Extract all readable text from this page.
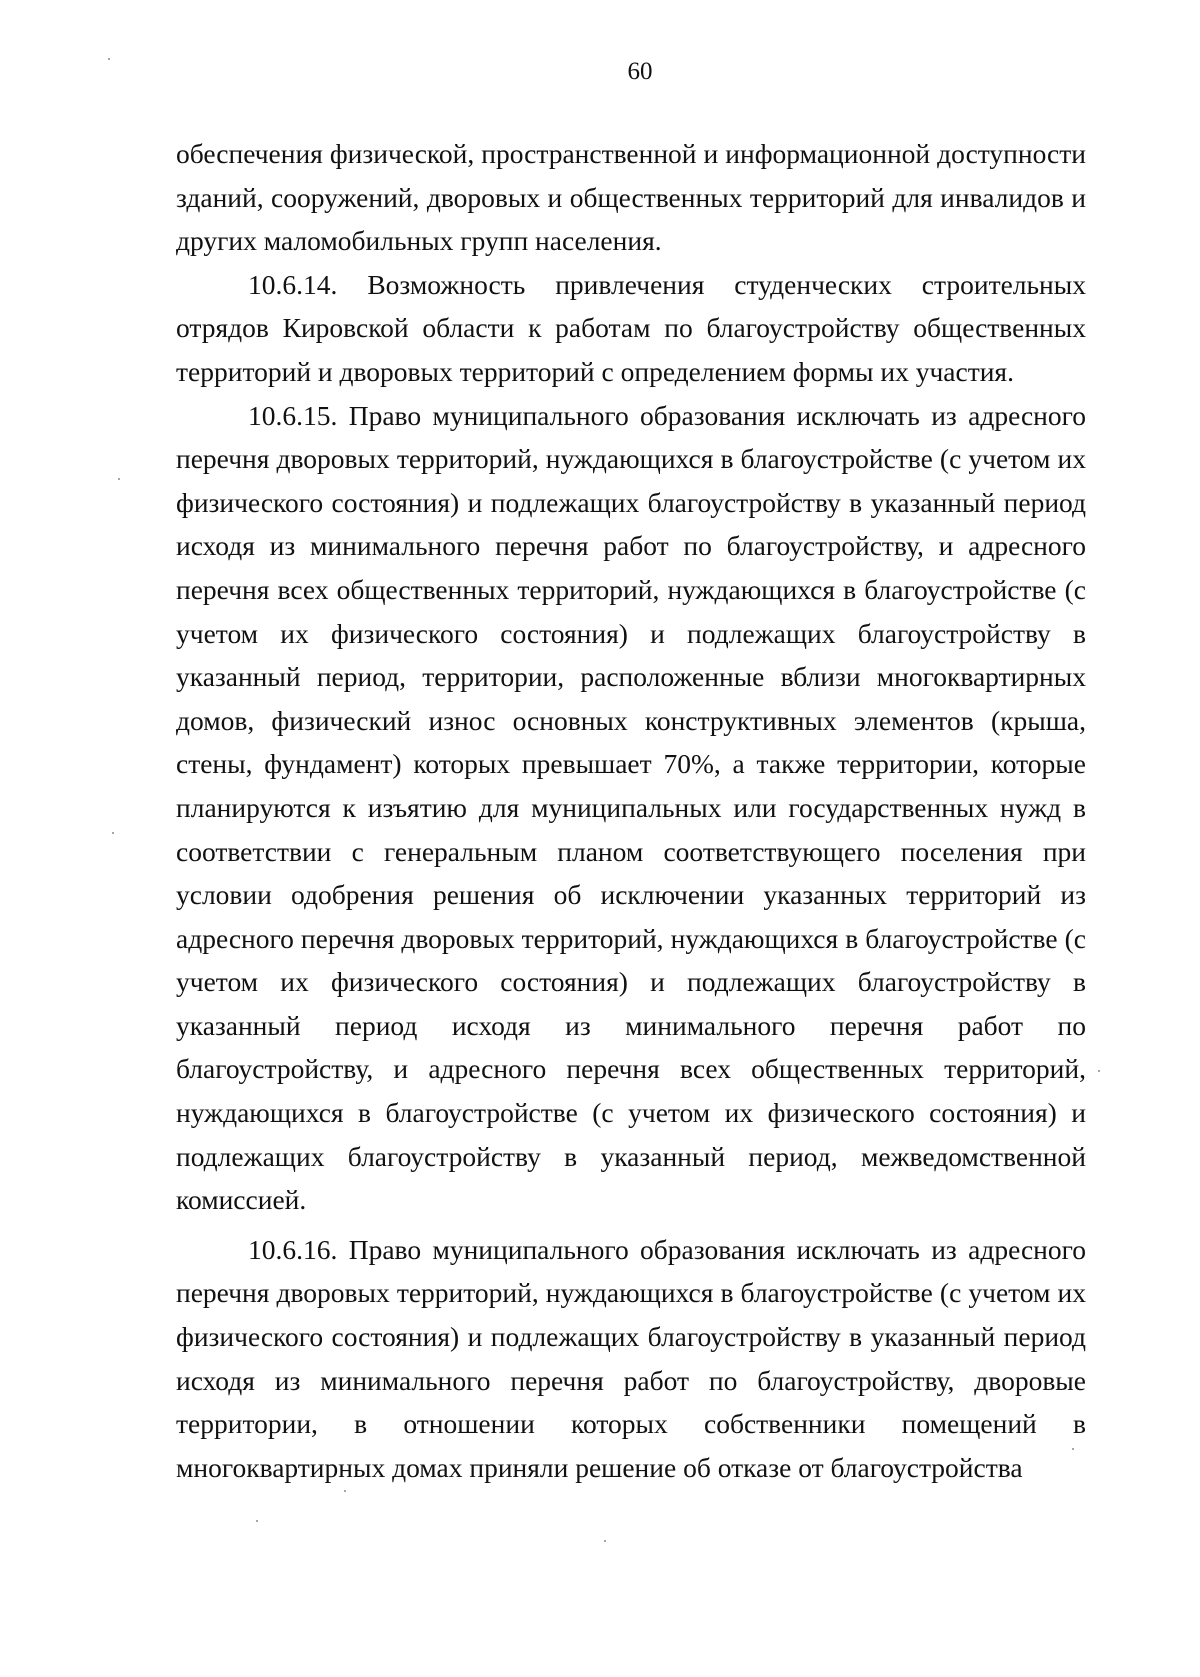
60

обеспечения физической, пространственной и информационной доступности зданий, сооружений, дворовых и общественных территорий для инвалидов и других маломобильных групп населения.

10.6.14. Возможность привлечения студенческих строительных отрядов Кировской области к работам по благоустройству общественных территорий и дворовых территорий с определением формы их участия.

10.6.15. Право муниципального образования исключать из адресного перечня дворовых территорий, нуждающихся в благоустройстве (с учетом их физического состояния) и подлежащих благоустройству в указанный период исходя из минимального перечня работ по благоустройству, и адресного перечня всех общественных территорий, нуждающихся в благоустройстве (с учетом их физического состояния) и подлежащих благоустройству в указанный период, территории, расположенные вблизи многоквартирных домов, физический износ основных конструктивных элементов (крыша, стены, фундамент) которых превышает 70%, а также территории, которые планируются к изъятию для муниципальных или государственных нужд в соответствии с генеральным планом соответствующего поселения при условии одобрения решения об исключении указанных территорий из адресного перечня дворовых территорий, нуждающихся в благоустройстве (с учетом их физического состояния) и подлежащих благоустройству в указанный период исходя из минимального перечня работ по благоустройству, и адресного перечня всех общественных территорий, нуждающихся в благоустройстве (с учетом их физического состояния) и подлежащих благоустройству в указанный период, межведомственной комиссией.

10.6.16. Право муниципального образования исключать из адресного перечня дворовых территорий, нуждающихся в благоустройстве (с учетом их физического состояния) и подлежащих благоустройству в указанный период исходя из минимального перечня работ по благоустройству, дворовые территории, в отношении которых собственники помещений в многоквартирных домах приняли решение об отказе от благоустройства
